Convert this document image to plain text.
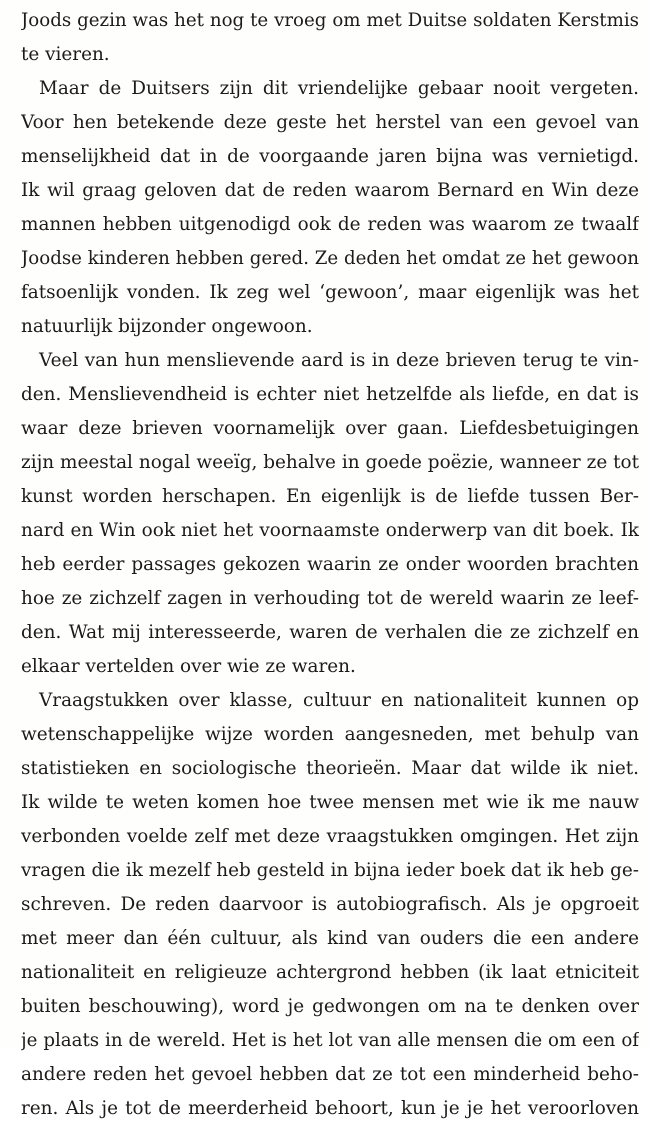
Joods gezin was het nog te vroeg om met Duitse soldaten Kerstmis
te vieren.
Maar de Duitsers zijn dit vriendelijke gebaar nooit vergeten.
Voor hen betekende deze geste het herstel van een gevoel van
menselijkheid dat in de voorgaande jaren bijna was vernietigd.
Ik wil graag geloven dat de reden waarom Bernard en Win deze
mannen hebben uitgenodigd ook de reden was waarom ze twaalf
Joodse kinderen hebben gered. Ze deden het omdat ze het gewoon
fatsoenlijk vonden. Ik zeg wel ‘gewoon’, maar eigenlijk was het
natuurlijk bijzonder ongewoon.
Veel van hun menslievende aard is in deze brieven terug te vin-
den. Menslievendheid is echter niet hetzelfde als liefde, en dat is
waar deze brieven voornamelijk over gaan. Liefdesbetuigingen
zijn meestal nogal weeïg, behalve in goede poëzie, wanneer ze tot
kunst worden herschapen. En eigenlijk is de liefde tussen Ber-
nard en Win ook niet het voornaamste onderwerp van dit boek. Ik
heb eerder passages gekozen waarin ze onder woorden brachten
hoe ze zichzelf zagen in verhouding tot de wereld waarin ze leef-
den. Wat mij interesseerde, waren de verhalen die ze zichzelf en
elkaar vertelden over wie ze waren.
Vraagstukken over klasse, cultuur en nationaliteit kunnen op
wetenschappelijke wijze worden aangesneden, met behulp van
statistieken en sociologische theorieën. Maar dat wilde ik niet.
Ik wilde te weten komen hoe twee mensen met wie ik me nauw
verbonden voelde zelf met deze vraagstukken omgingen. Het zijn
vragen die ik mezelf heb gesteld in bijna ieder boek dat ik heb ge-
schreven. De reden daarvoor is autobiografisch. Als je opgroeit
met meer dan één cultuur, als kind van ouders die een andere
nationaliteit en religieuze achtergrond hebben (ik laat etniciteit
buiten beschouwing), word je gedwongen om na te denken over
je plaats in de wereld. Het is het lot van alle mensen die om een of
andere reden het gevoel hebben dat ze tot een minderheid beho-
ren. Als je tot de meerderheid behoort, kun je je het veroorloven
